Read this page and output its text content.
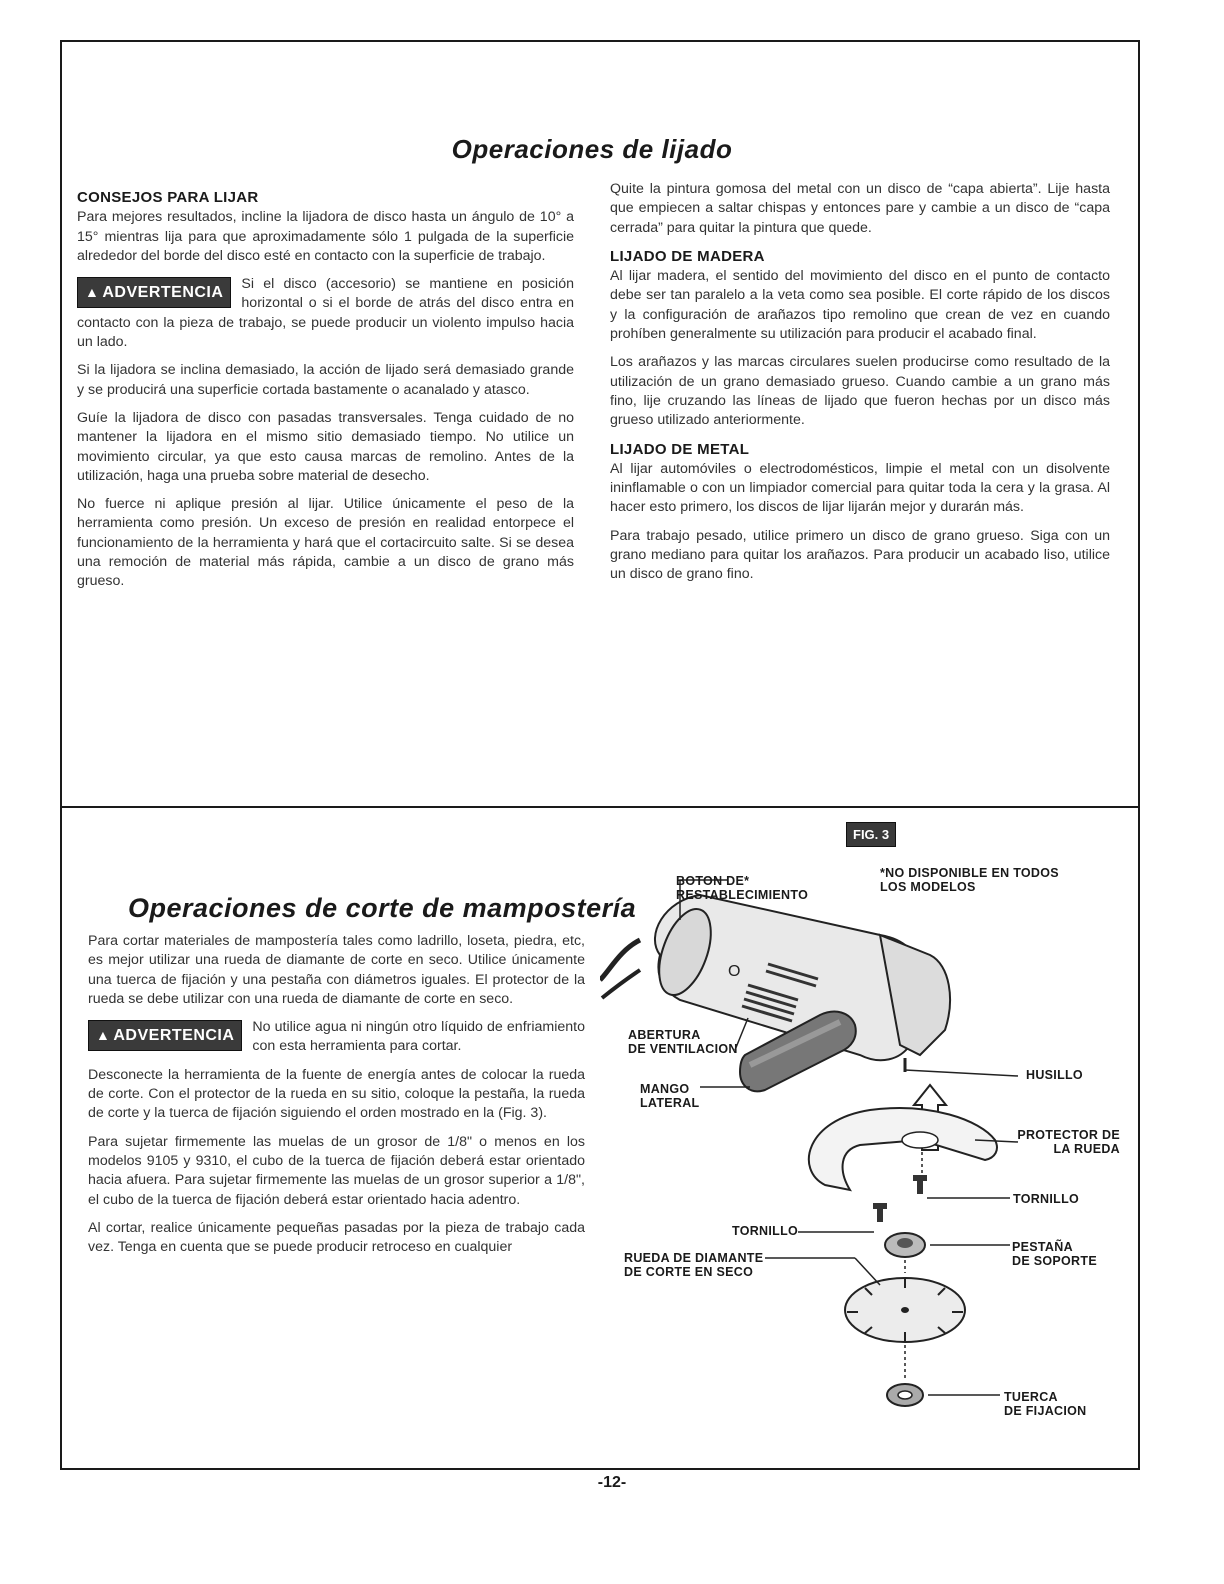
Operaciones de lijado
CONSEJOS PARA LIJAR

Para mejores resultados, incline la lijadora de disco hasta un ángulo de 10° a 15° mientras lija para que aproximadamente sólo 1 pulgada de la superficie alrededor del borde del disco esté en contacto con la superficie de trabajo.

▲ ADVERTENCIA Si el disco (accesorio) se mantiene en posición horizontal o si el borde de atrás del disco entra en contacto con la pieza de trabajo, se puede producir un violento impulso hacia un lado.

Si la lijadora se inclina demasiado, la acción de lijado será demasiado grande y se producirá una superficie cortada bastamente o acanalado y atasco.

Guíe la lijadora de disco con pasadas transversales. Tenga cuidado de no mantener la lijadora en el mismo sitio demasiado tiempo. No utilice un movimiento circular, ya que esto causa marcas de remolino. Antes de la utilización, haga una prueba sobre material de desecho.

No fuerce ni aplique presión al lijar. Utilice únicamente el peso de la herramienta como presión. Un exceso de presión en realidad entorpece el funcionamiento de la herramienta y hará que el cortacircuito salte. Si se desea una remoción de material más rápida, cambie a un disco de grano más grueso.

Quite la pintura gomosa del metal con un disco de “capa abierta”. Lije hasta que empiecen a saltar chispas y entonces pare y cambie a un disco de “capa cerrada” para quitar la pintura que quede.

LIJADO DE MADERA

Al lijar madera, el sentido del movimiento del disco en el punto de contacto debe ser tan paralelo a la veta como sea posible. El corte rápido de los discos y la configuración de arañazos tipo remolino que crean de vez en cuando prohíben generalmente su utilización para producir el acabado final.

Los arañazos y las marcas circulares suelen producirse como resultado de la utilización de un grano demasiado grueso. Cuando cambie a un grano más fino, lije cruzando las líneas de lijado que fueron hechas por un disco más grueso utilizado anteriormente.

LIJADO DE METAL

Al lijar automóviles o electrodomésticos, limpie el metal con un disolvente ininflamable o con un limpiador comercial para quitar toda la cera y la grasa. Al hacer esto primero, los discos de lijar lijarán mejor y durarán más.

Para trabajo pesado, utilice primero un disco de grano grueso. Siga con un grano mediano para quitar los arañazos. Para producir un acabado liso, utilice un disco de grano fino.

Operaciones de corte de mampostería

Para cortar materiales de mampostería tales como ladrillo, loseta, piedra, etc, es mejor utilizar una rueda de diamante de corte en seco. Utilice únicamente una tuerca de fijación y una pestaña con diámetros iguales. El protector de la rueda se debe utilizar con una rueda de diamante de corte en seco.

▲ ADVERTENCIA No utilice agua ni ningún otro líquido de enfriamiento con esta herramienta para cortar.

Desconecte la herramienta de la fuente de energía antes de colocar la rueda de corte. Con el protector de la rueda en su sitio, coloque la pestaña, la rueda de corte y la tuerca de fijación siguiendo el orden mostrado en la (Fig. 3).

Para sujetar firmemente las muelas de un grosor de 1/8" o menos en los modelos 9105 y 9310, el cubo de la tuerca de fijación deberá estar orientado hacia afuera. Para sujetar firmemente las muelas de un grosor superior a 1/8", el cubo de la tuerca de fijación deberá estar orientado hacia adentro.

Al cortar, realice únicamente pequeñas pasadas por la pieza de trabajo cada vez. Tenga en cuenta que se puede producir retroceso en cualquier

FIG. 3
*NO DISPONIBLE EN TODOS
LOS MODELOS
O
BOTON DE*
RESTABLECIMIENTO
ABERTURA
DE VENTILACION
MANGO
LATERAL
HUSILLO
PROTECTOR DE
LA RUEDA
TORNILLO
TORNILLO
PESTAÑA
DE SOPORTE
RUEDA DE DIAMANTE
DE CORTE EN SECO
TUERCA
DE FIJACION
-12-
